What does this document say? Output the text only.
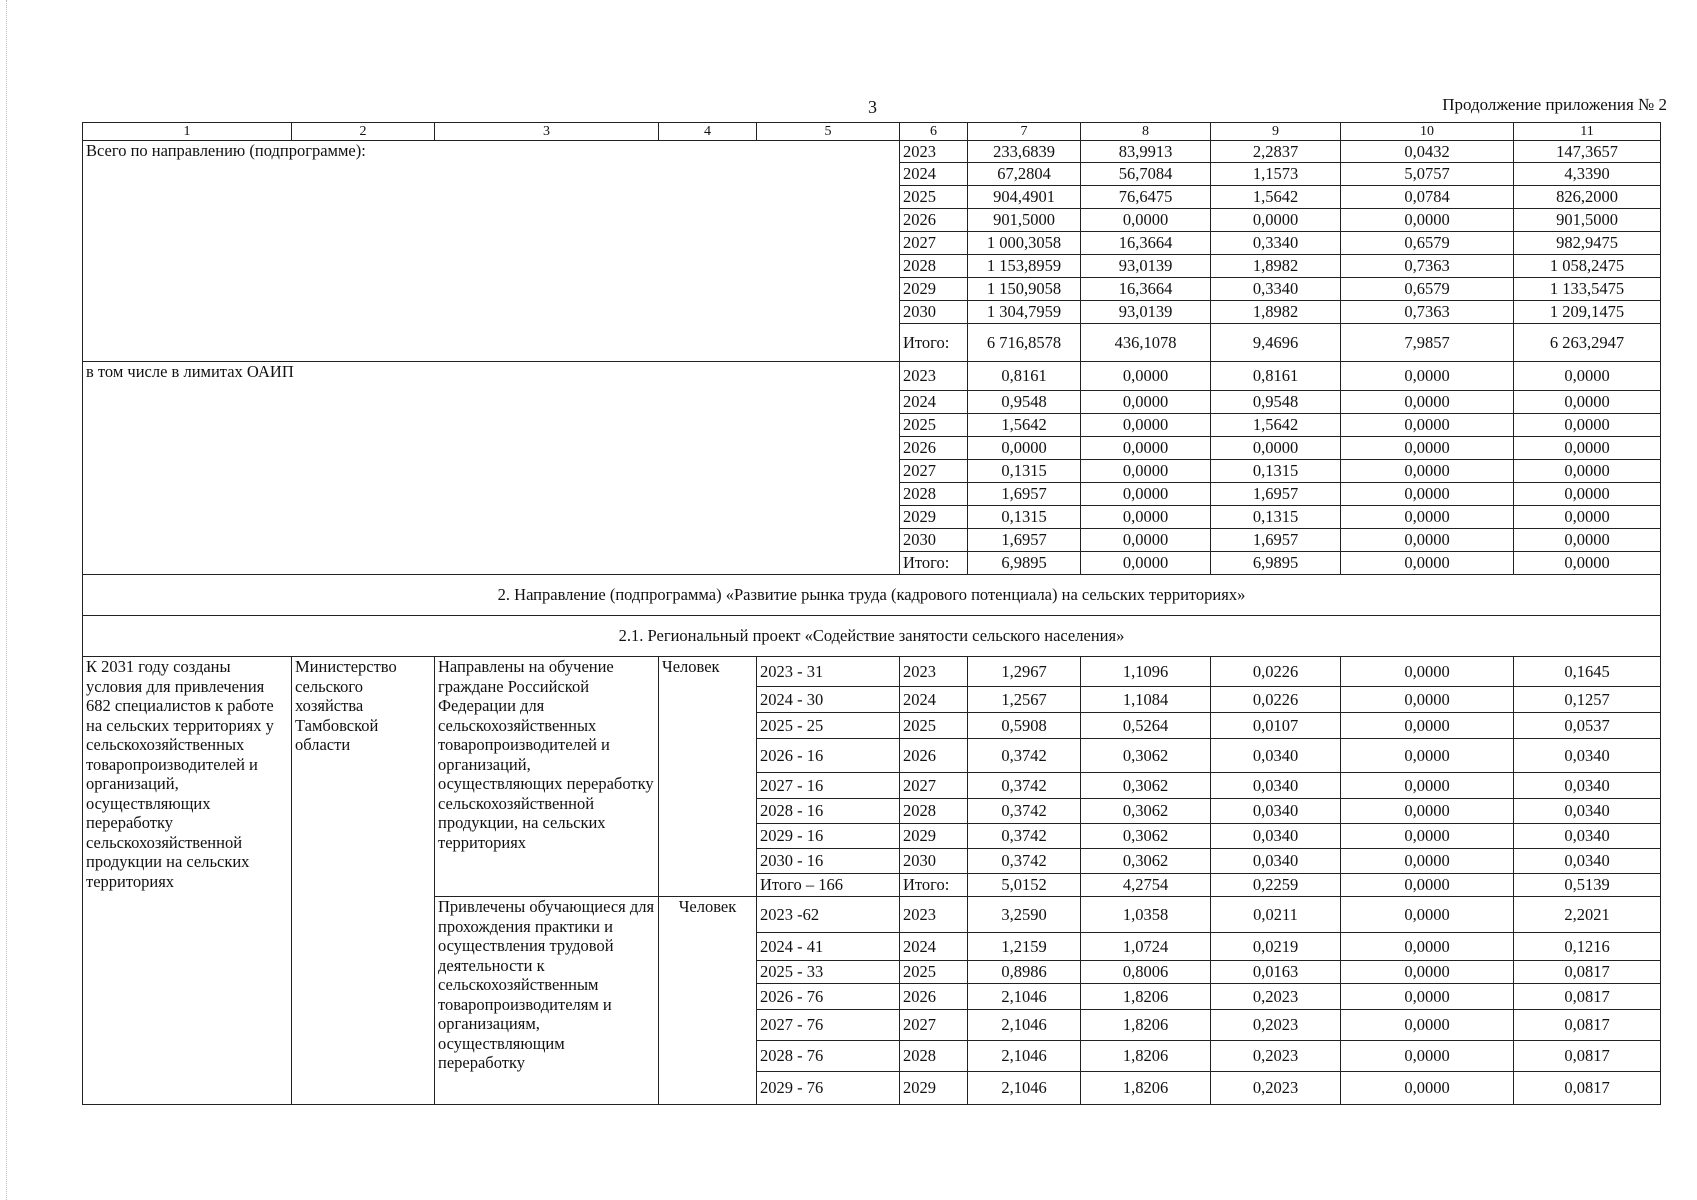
3	Продолжение приложения № 2
1	2	3	4	5	6	7	8	9	10	11
Всего по направлению (подпрограмме):					2023	233,6839	83,9913	2,2837	0,0432	147,3657
					2024	67,2804	56,7084	1,1573	5,0757	4,3390
					2025	904,4901	76,6475	1,5642	0,0784	826,2000
					2026	901,5000	0,0000	0,0000	0,0000	901,5000
					2027	1 000,3058	16,3664	0,3340	0,6579	982,9475
					2028	1 153,8959	93,0139	1,8982	0,7363	1 058,2475
					2029	1 150,9058	16,3664	0,3340	0,6579	1 133,5475
					2030	1 304,7959	93,0139	1,8982	0,7363	1 209,1475
					Итого:	6 716,8578	436,1078	9,4696	7,9857	6 263,2947
в том числе в лимитах ОАИП					2023	0,8161	0,0000	0,8161	0,0000	0,0000
					2024	0,9548	0,0000	0,9548	0,0000	0,0000
					2025	1,5642	0,0000	1,5642	0,0000	0,0000
					2026	0,0000	0,0000	0,0000	0,0000	0,0000
					2027	0,1315	0,0000	0,1315	0,0000	0,0000
					2028	1,6957	0,0000	1,6957	0,0000	0,0000
					2029	0,1315	0,0000	0,1315	0,0000	0,0000
					2030	1,6957	0,0000	1,6957	0,0000	0,0000
					Итого:	6,9895	0,0000	6,9895	0,0000	0,0000
2. Направление (подпрограмма) «Развитие рынка труда (кадрового потенциала) на сельских территориях»										
2.1. Региональный проект «Содействие занятости сельского населения»										
К 2031 году созданы условия для привлечения 682 специалистов к работе на сельских территориях у сельскохозяйственных товаропроизводителей и организаций, осуществляющих переработку сельскохозяйственной продукции на сельских территориях	Министерство сельского хозяйства Тамбовской области	Направлены на обучение граждане Российской Федерации для сельскохозяйственных товаропроизводителей и организаций, осуществляющих переработку сельскохозяйственной продукции, на сельских территориях	Человек	2023 - 31	2023	1,2967	1,1096	0,0226	0,0000	0,1645
				2024 - 30	2024	1,2567	1,1084	0,0226	0,0000	0,1257
				2025 - 25	2025	0,5908	0,5264	0,0107	0,0000	0,0537
				2026 - 16	2026	0,3742	0,3062	0,0340	0,0000	0,0340
				2027 - 16	2027	0,3742	0,3062	0,0340	0,0000	0,0340
				2028 - 16	2028	0,3742	0,3062	0,0340	0,0000	0,0340
				2029 - 16	2029	0,3742	0,3062	0,0340	0,0000	0,0340
				2030 - 16	2030	0,3742	0,3062	0,0340	0,0000	0,0340
				Итого – 166	Итого:	5,0152	4,2754	0,2259	0,0000	0,5139
		Привлечены обучающиеся для прохождения практики и осуществления трудовой деятельности к сельскохозяйственным товаропроизводителям и организациям, осуществляющим переработку	Человек	2023 -62	2023	3,2590	1,0358	0,0211	0,0000	2,2021
				2024 - 41	2024	1,2159	1,0724	0,0219	0,0000	0,1216
				2025 - 33	2025	0,8986	0,8006	0,0163	0,0000	0,0817
				2026 - 76	2026	2,1046	1,8206	0,2023	0,0000	0,0817
				2027 - 76	2027	2,1046	1,8206	0,2023	0,0000	0,0817
				2028 - 76	2028	2,1046	1,8206	0,2023	0,0000	0,0817
				2029 - 76	2029	2,1046	1,8206	0,2023	0,0000	0,0817
